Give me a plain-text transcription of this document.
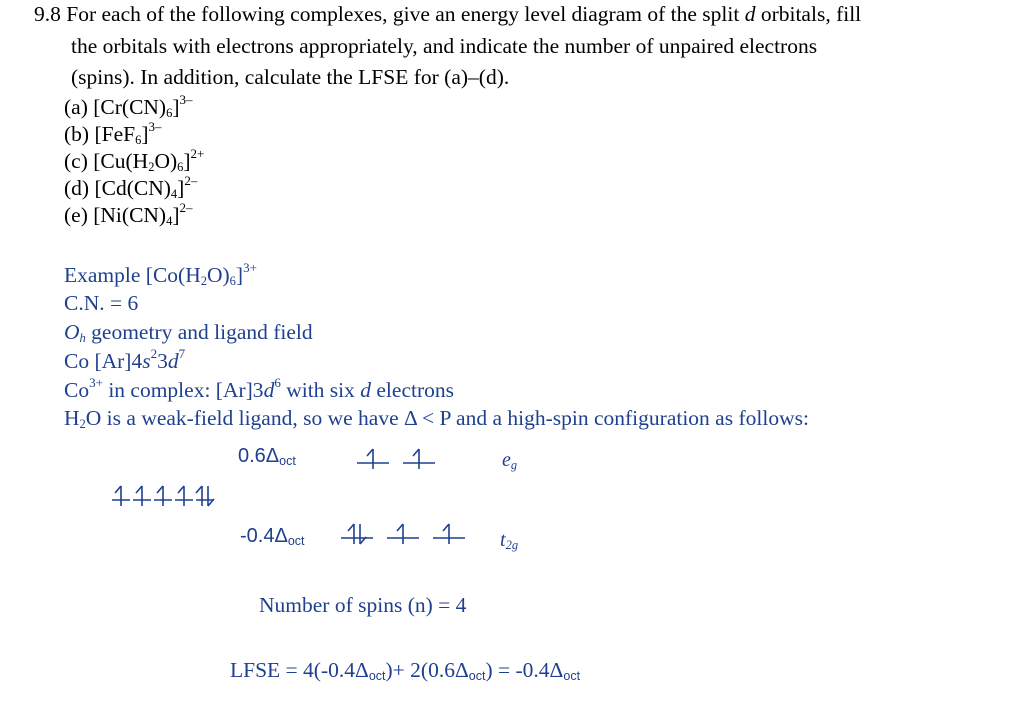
9.8 For each of the following complexes, give an energy level diagram of the split d orbitals, fill

the orbitals with electrons appropriately, and indicate the number of unpaired electrons

(spins). In addition, calculate the LFSE for (a)–(d).

(a) $[Cr(CN)_6]^{3-}$

(b) $[FeF_6]^{3-}$

(c) $[Cu(H_2O)_6]^{2+}$

(d) $[Cd(CN)_4]^{2-}$

(e) $[Ni(CN)_4]^{2-}$

Example $[Co(H_2O)_6]^{3+}$

C.N. = 6

$O_h$ geometry and ligand field

Co $[Ar]4s^23d^7$

$Co^{3+}$ in complex: $[Ar]3d^6$ with six d electrons

$H_2O$ is a weak-field ligand, so we have Δ < P and a high-spin configuration as follows:

$0.6\Delta_{oct}$	$e_g$

$-0.4\Delta_{oct}$	$t_{2g}$

Number of spins (n) = 4

LFSE = $4(-0.4\Delta_{oct})+ 2(0.6\Delta_{oct}) = -0.4\Delta_{oct}$
